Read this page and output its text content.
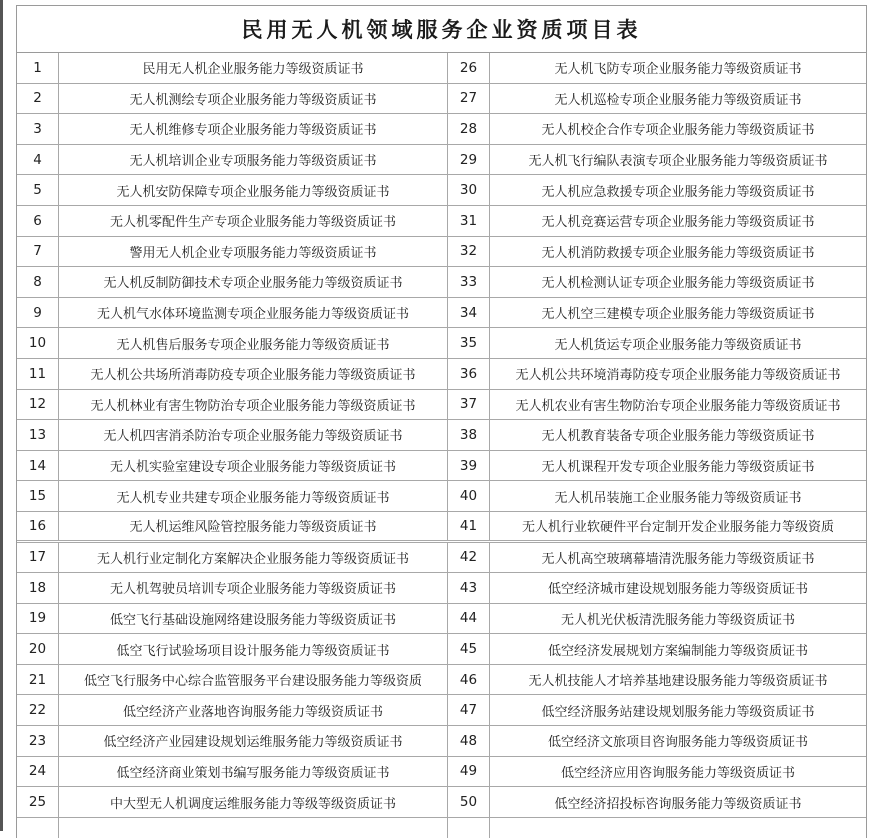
民用无人机领域服务企业资质项目表
1	民用无人机企业服务能力等级资质证书	26	无人机飞防专项企业服务能力等级资质证书
2	无人机测绘专项企业服务能力等级资质证书	27	无人机巡检专项企业服务能力等级资质证书
3	无人机维修专项企业服务能力等级资质证书	28	无人机校企合作专项企业服务能力等级资质证书
4	无人机培训企业专项服务能力等级资质证书	29	无人机飞行编队表演专项企业服务能力等级资质证书
5	无人机安防保障专项企业服务能力等级资质证书	30	无人机应急救援专项企业服务能力等级资质证书
6	无人机零配件生产专项企业服务能力等级资质证书	31	无人机竞赛运营专项企业服务能力等级资质证书
7	警用无人机企业专项服务能力等级资质证书	32	无人机消防救援专项企业服务能力等级资质证书
8	无人机反制防御技术专项企业服务能力等级资质证书	33	无人机检测认证专项企业服务能力等级资质证书
9	无人机气水体环境监测专项企业服务能力等级资质证书	34	无人机空三建模专项企业服务能力等级资质证书
10	无人机售后服务专项企业服务能力等级资质证书	35	无人机货运专项企业服务能力等级资质证书
11	无人机公共场所消毒防疫专项企业服务能力等级资质证书	36	无人机公共环境消毒防疫专项企业服务能力等级资质证书
12	无人机林业有害生物防治专项企业服务能力等级资质证书	37	无人机农业有害生物防治专项企业服务能力等级资质证书
13	无人机四害消杀防治专项企业服务能力等级资质证书	38	无人机教育装备专项企业服务能力等级资质证书
14	无人机实验室建设专项企业服务能力等级资质证书	39	无人机课程开发专项企业服务能力等级资质证书
15	无人机专业共建专项企业服务能力等级资质证书	40	无人机吊装施工企业服务能力等级资质证书
16	无人机运维风险管控服务能力等级资质证书	41	无人机行业软硬件平台定制开发企业服务能力等级资质
17	无人机行业定制化方案解决企业服务能力等级资质证书	42	无人机高空玻璃幕墙清洗服务能力等级资质证书
18	无人机驾驶员培训专项企业服务能力等级资质证书	43	低空经济城市建设规划服务能力等级资质证书
19	低空飞行基础设施网络建设服务能力等级资质证书	44	无人机光伏板清洗服务能力等级资质证书
20	低空飞行试验场项目设计服务能力等级资质证书	45	低空经济发展规划方案编制能力等级资质证书
21	低空飞行服务中心综合监管服务平台建设服务能力等级资质	46	无人机技能人才培养基地建设服务能力等级资质证书
22	低空经济产业落地咨询服务能力等级资质证书	47	低空经济服务站建设规划服务能力等级资质证书
23	低空经济产业园建设规划运维服务能力等级资质证书	48	低空经济文旅项目咨询服务能力等级资质证书
24	低空经济商业策划书编写服务能力等级资质证书	49	低空经济应用咨询服务能力等级资质证书
25	中大型无人机调度运维服务能力等级等级资质证书	50	低空经济招投标咨询服务能力等级资质证书
